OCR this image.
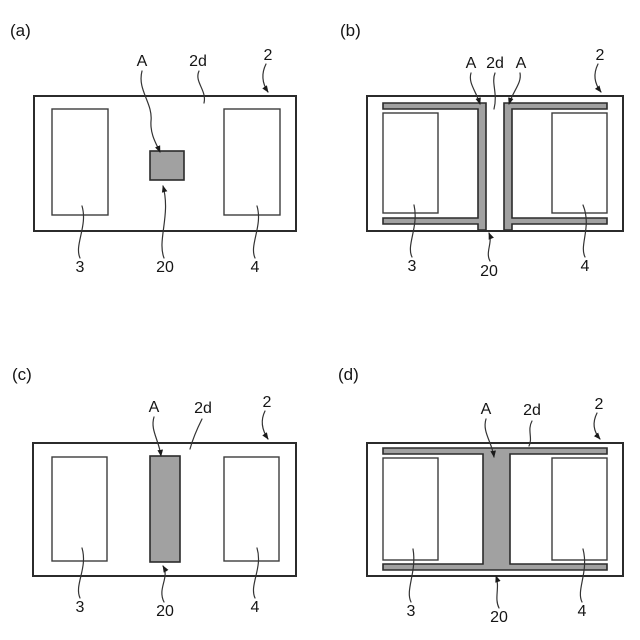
(a)
A	2d	2
3	20	4
(b)
A 2d A	2
3	20	4
(c)
A 2d	2
3	20	4
(d)
A 2d	2
3	20	4
